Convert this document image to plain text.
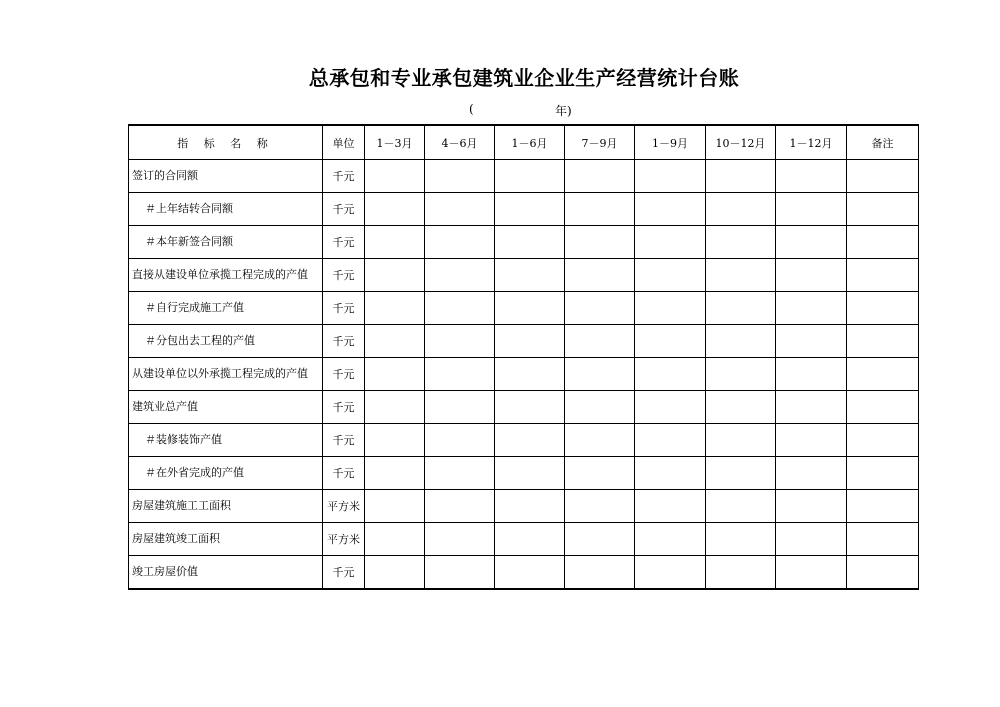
总承包和专业承包建筑业企业生产经营统计台账
(	年)
指 标 名 称	单位	1－3月	4－6月	1－6月	7－9月	1－9月	10－12月	1－12月	备注
签订的合同额	千元								
＃上年结转合同额	千元								
＃本年新签合同额	千元								
直接从建设单位承揽工程完成的产值	千元								
＃自行完成施工产值	千元								
＃分包出去工程的产值	千元								
从建设单位以外承揽工程完成的产值	千元								
建筑业总产值	千元								
＃装修装饰产值	千元								
＃在外省完成的产值	千元								
房屋建筑施工工面积	平方米								
房屋建筑竣工面积	平方米								
竣工房屋价值	千元								
